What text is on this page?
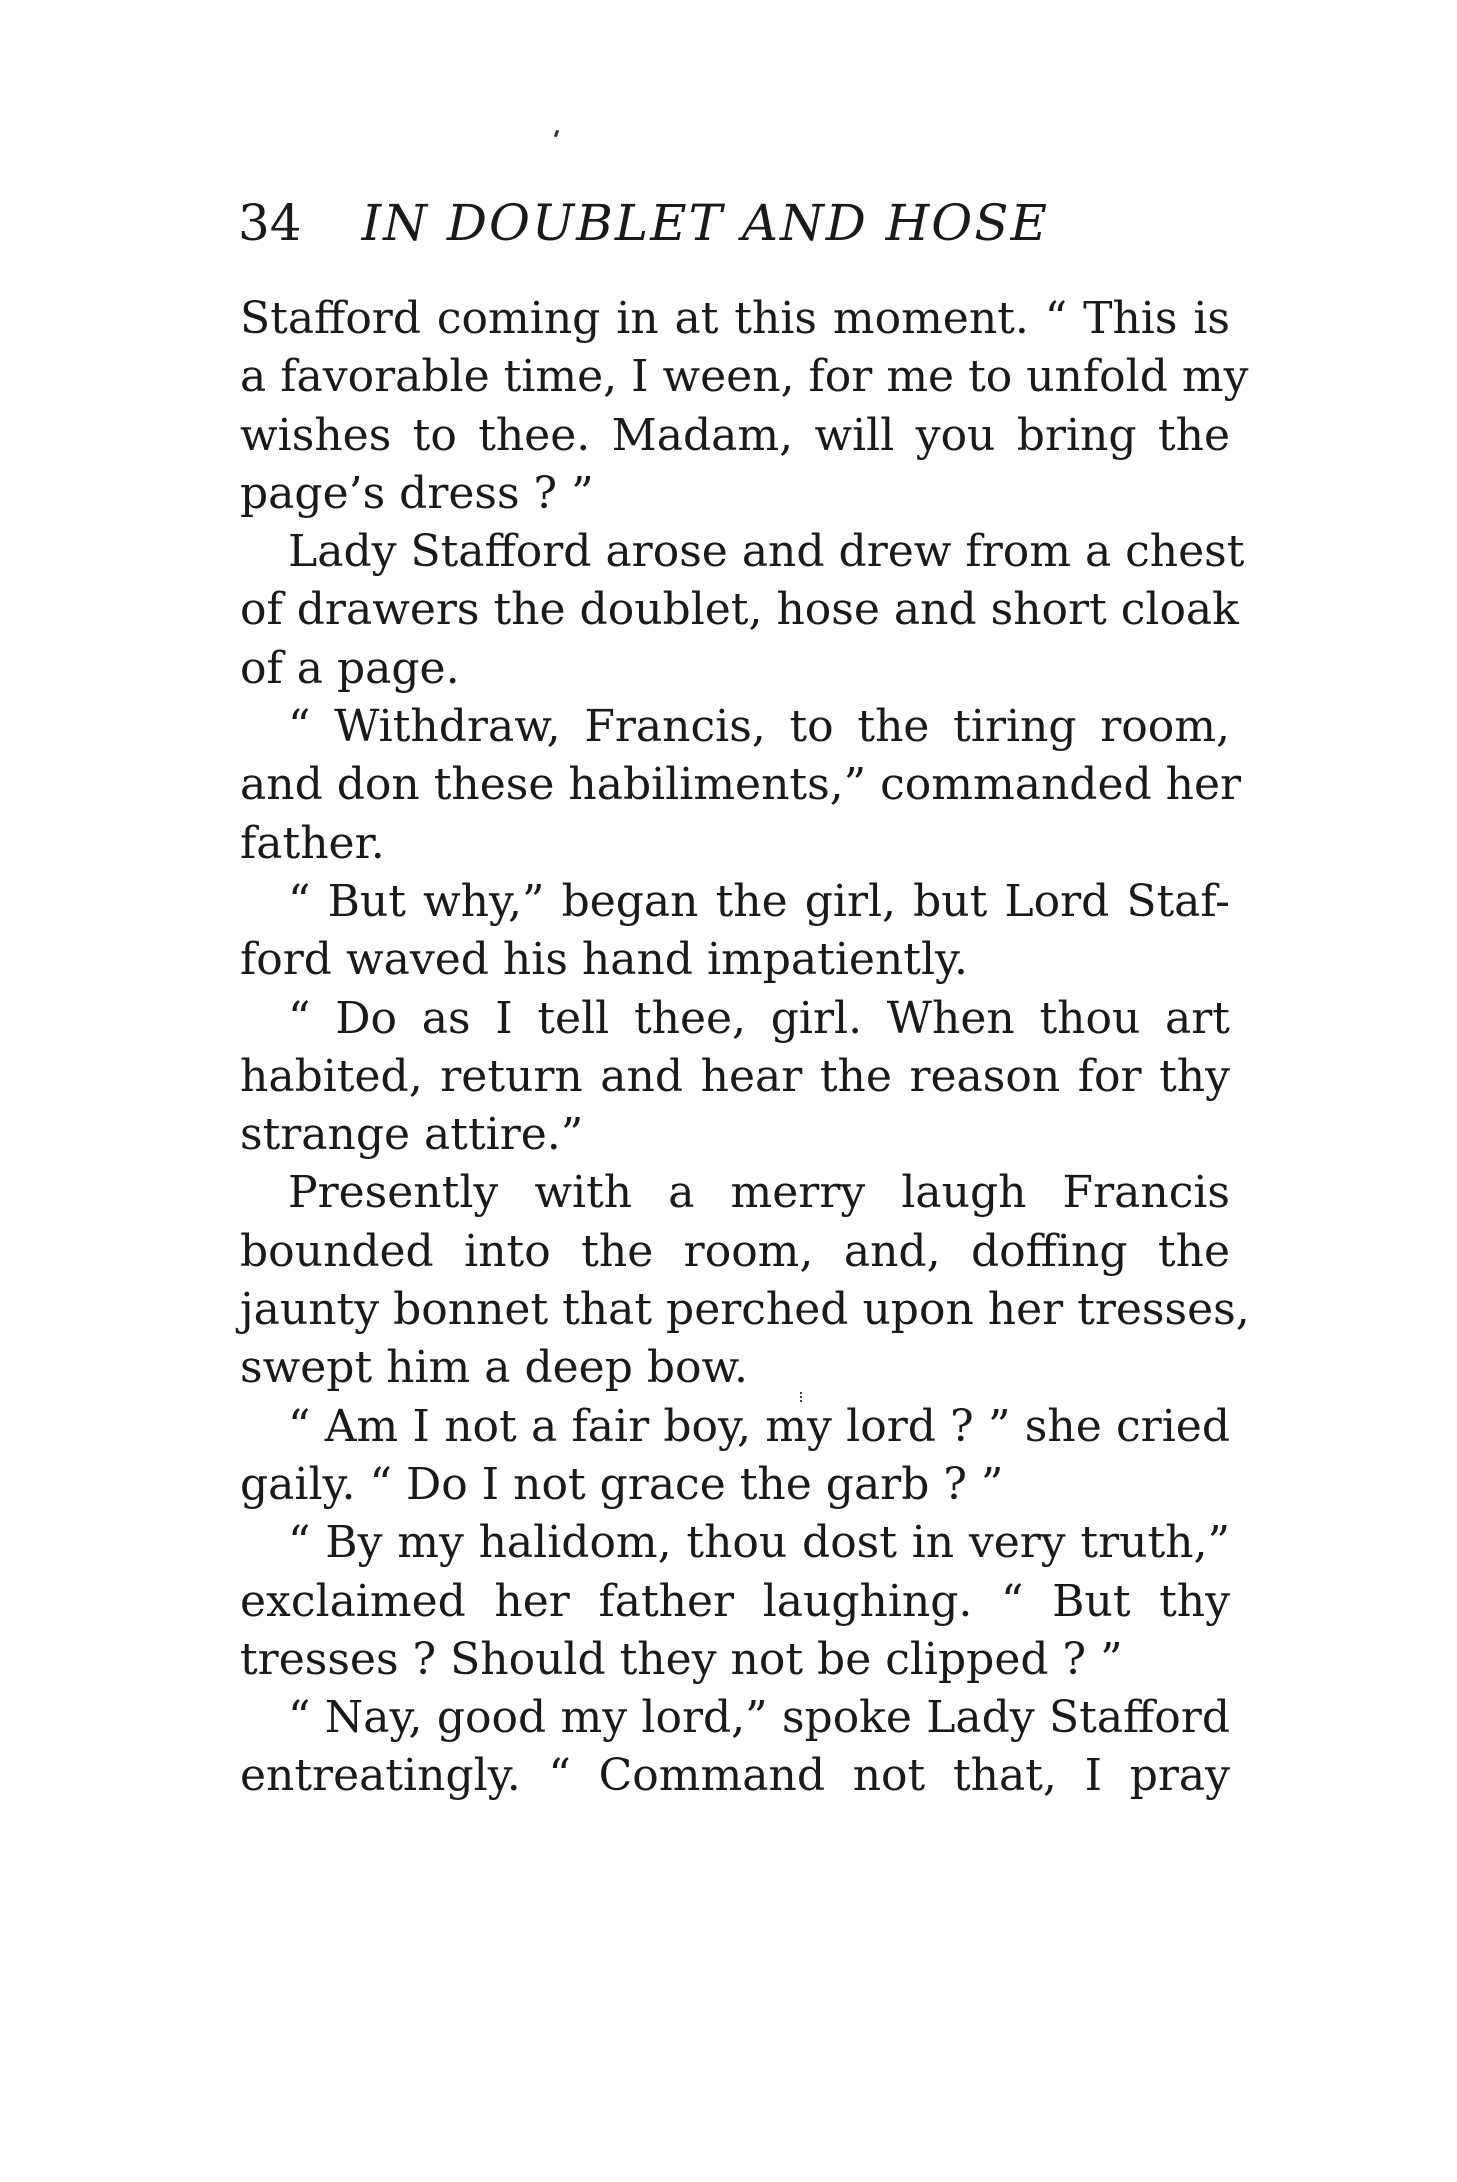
34 IN DOUBLET AND HOSE
Stafford coming in at this moment. “ This is
a favorable time, I ween, for me to unfold my
wishes to thee. Madam, will you bring the
page’s dress ? ”
Lady Stafford arose and drew from a chest
of drawers the doublet, hose and short cloak
of a page.
“ Withdraw, Francis, to the tiring room,
and don these habiliments,” commanded her
father.
“ But why,” began the girl, but Lord Staf-
ford waved his hand impatiently.
“ Do as I tell thee, girl. When thou art
habited, return and hear the reason for thy
strange attire.”
Presently with a merry laugh Francis
bounded into the room, and, doffing the
jaunty bonnet that perched upon her tresses,
swept him a deep bow.
“ Am I not a fair boy, my lord ? ” she cried
gaily. “ Do I not grace the garb ? ”
“ By my halidom, thou dost in very truth,”
exclaimed her father laughing. “ But thy
tresses ? Should they not be clipped ? ”
“ Nay, good my lord,” spoke Lady Stafford
entreatingly. “ Command not that, I pray
